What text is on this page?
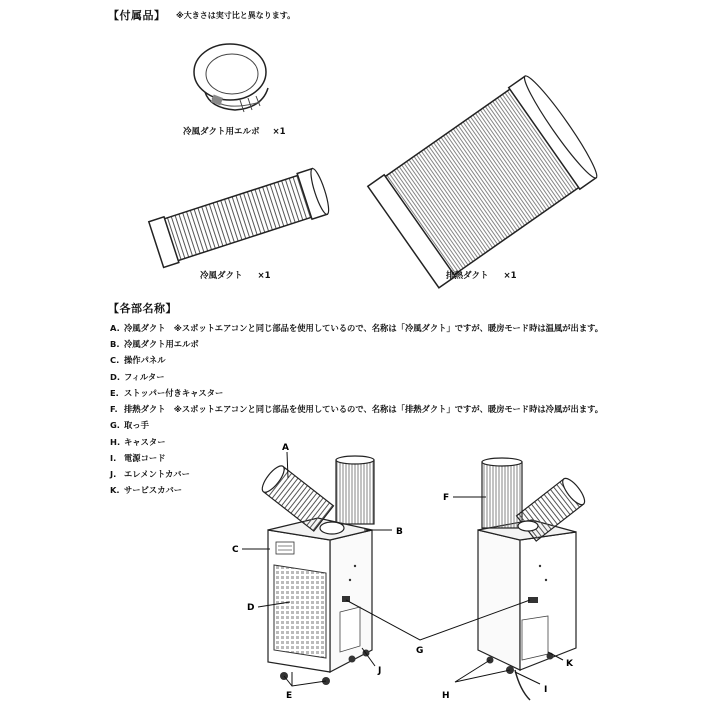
【付属品】 ※大きさは実寸比と異なります。
A
B
C
D
E
F
G
H
I
J
K
冷風ダクト用エルボ ×1
冷風ダクト ×1	排熱ダクト ×1
【各部名称】
A. 冷風ダクト　※スポットエアコンと同じ部品を使用しているので、名称は「冷風ダクト」ですが、暖房モード時は温風が出ます。
B. 冷風ダクト用エルボ
C. 操作パネル
D. フィルター
E. ストッパー付きキャスター
F. 排熱ダクト　※スポットエアコンと同じ部品を使用しているので、名称は「排熱ダクト」ですが、暖房モード時は冷風が出ます。
G. 取っ手
H. キャスター
I. 電源コード
J. エレメントカバー
K. サービスカバー
